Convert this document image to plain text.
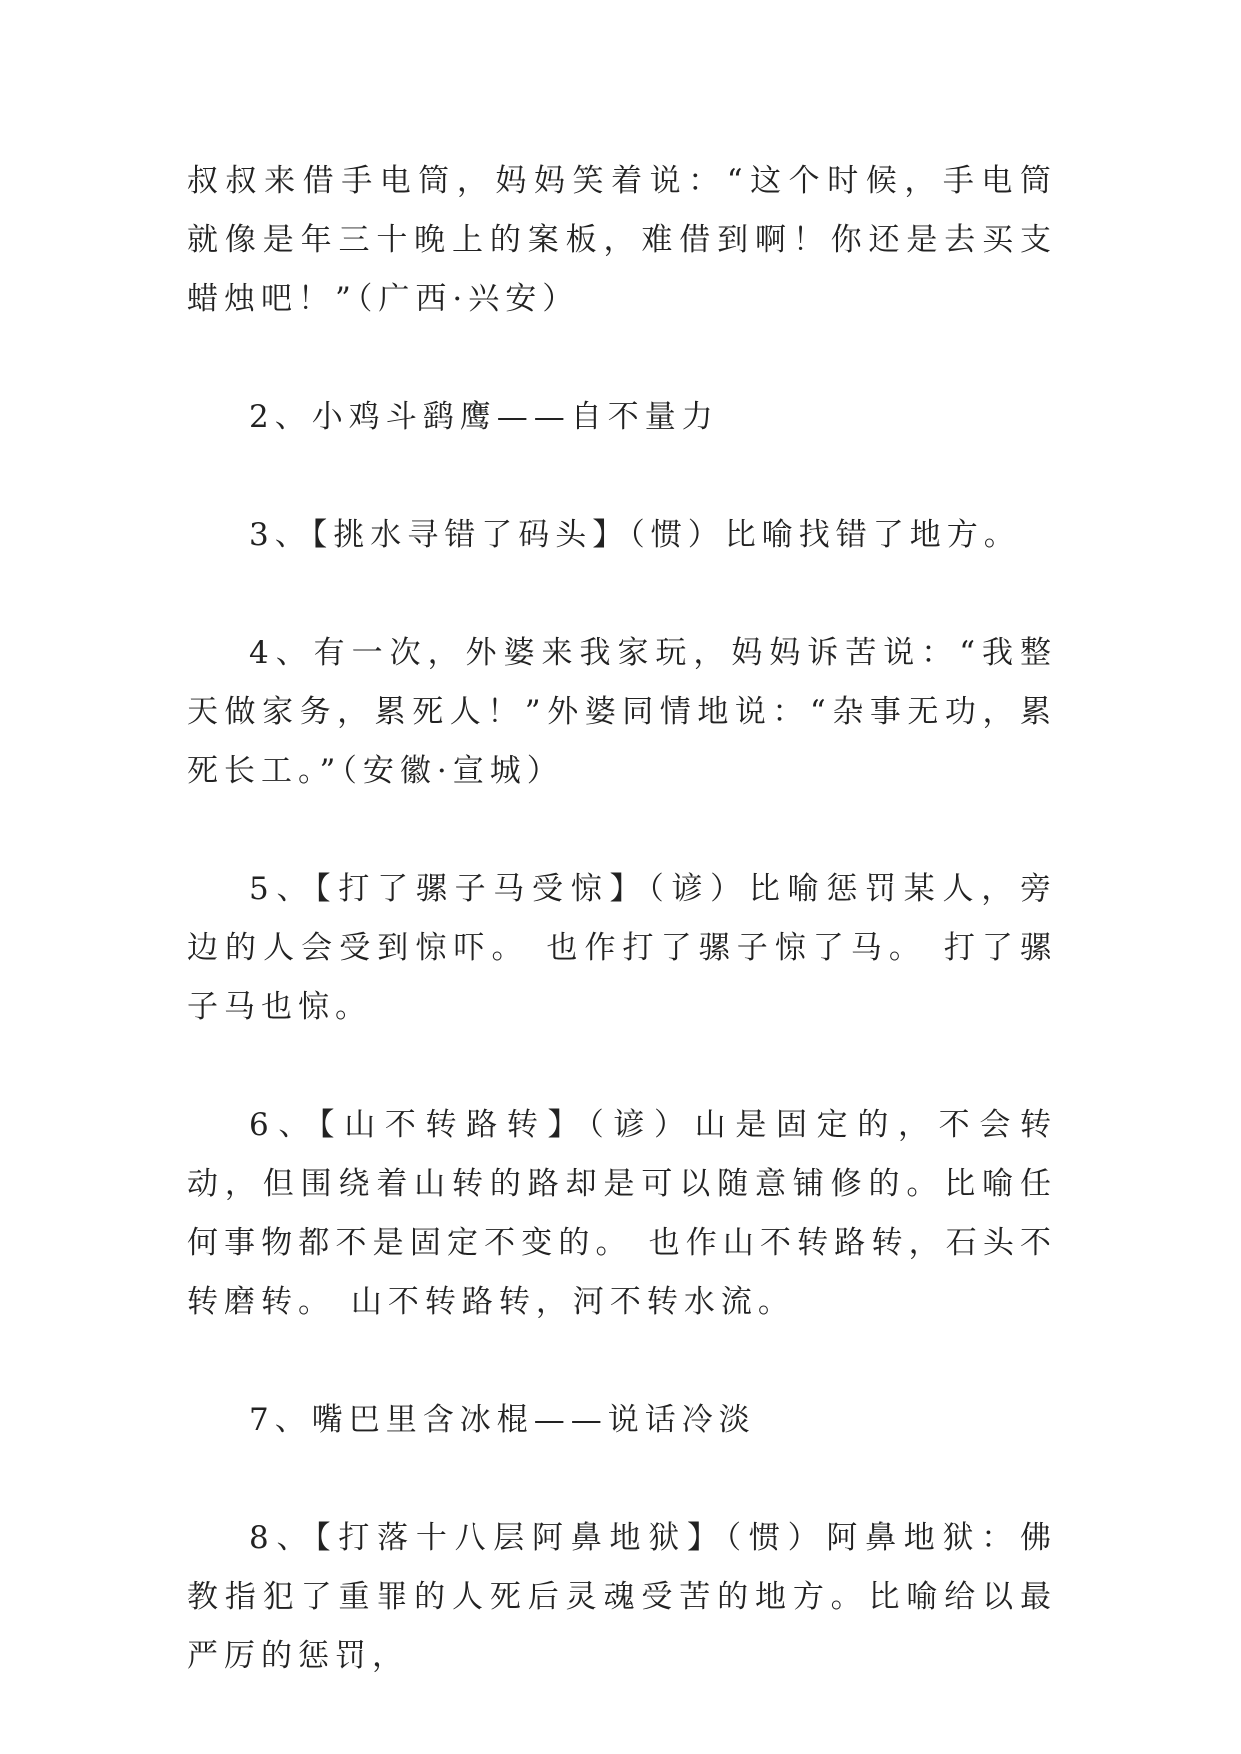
叔叔来借手电筒，妈妈笑着说：“这个时候，手电筒就像是年三十晚上的案板，难借到啊！你还是去买支蜡烛吧！”（广西·兴安）

2、小鸡斗鹞鹰——自不量力

3、【挑水寻错了码头】（惯）比喻找错了地方。

4、有一次，外婆来我家玩，妈妈诉苦说：“我整天做家务，累死人！”外婆同情地说：“杂事无功，累死长工。”（安徽·宣城）

5、【打了骡子马受惊】（谚）比喻惩罚某人，旁边的人会受到惊吓。 也作打了骡子惊了马。 打了骡子马也惊。

6、【山不转路转】（谚）山是固定的，不会转动，但围绕着山转的路却是可以随意铺修的。比喻任何事物都不是固定不变的。 也作山不转路转，石头不转磨转。 山不转路转，河不转水流。

7、嘴巴里含冰棍——说话冷淡

8、【打落十八层阿鼻地狱】（惯）阿鼻地狱：佛教指犯了重罪的人死后灵魂受苦的地方。比喻给以最严厉的惩罚，
